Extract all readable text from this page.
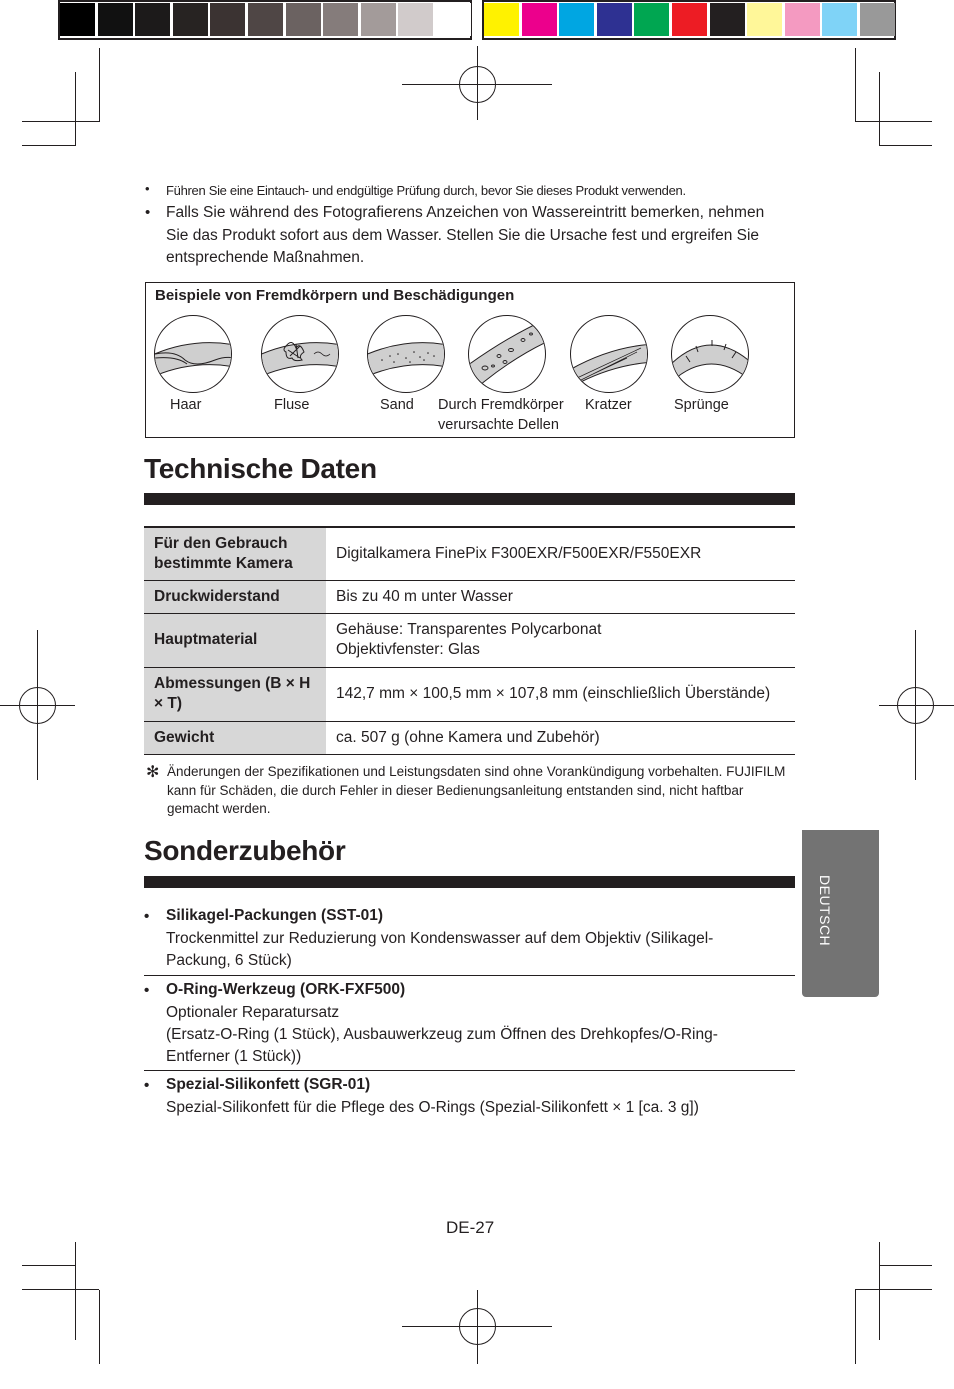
• Führen Sie eine Eintauch- und endgültige Prüfung durch, bevor Sie dieses Produkt verwenden.
• Falls Sie während des Fotografierens Anzeichen von Wassereintritt bemerken, nehmen Sie das Produkt sofort aus dem Wasser. Stellen Sie die Ursache fest und ergreifen Sie entsprechende Maßnahmen.
Beispiele von Fremdkörpern und Beschädigungen
Haar	Fluse	Sand Durch Fremdkörper verursachte Dellen
Kratzer	Sprünge
Technische Daten
Für den Gebrauch bestimmte Kamera	Digitalkamera FinePix F300EXR/F500EXR/F550EXR
Druckwiderstand	Bis zu 40 m unter Wasser
Hauptmaterial	Gehäuse: Transparentes Polycarbonat
Objektivfenster: Glas
Abmessungen (B × H × T)	142,7 mm × 100,5 mm × 107,8 mm (einschließlich Überstände)
Gewicht	ca. 507 g (ohne Kamera und Zubehör)
✻ Änderungen der Spezifikationen und Leistungsdaten sind ohne Vorankündigung vorbehalten. FUJIFILM kann für Schäden, die durch Fehler in dieser Bedienungsanleitung entstanden sind, nicht haftbar gemacht werden.
Sonderzubehör
• Silikagel-Packungen (SST-01)
Trockenmittel zur Reduzierung von Kondenswasser auf dem Objektiv (Silikagel-Packung, 6 Stück)
• O-Ring-Werkzeug (ORK-FXF500)
Optionaler Reparatursatz
(Ersatz-O-Ring (1 Stück), Ausbauwerkzeug zum Öffnen des Drehkopfes/O-Ring-Entferner (1 Stück))
• Spezial-Silikonfett (SGR-01)
Spezial-Silikonfett für die Pflege des O-Rings (Spezial-Silikonfett × 1 [ca. 3 g])
DEUTSCH
DE-27
